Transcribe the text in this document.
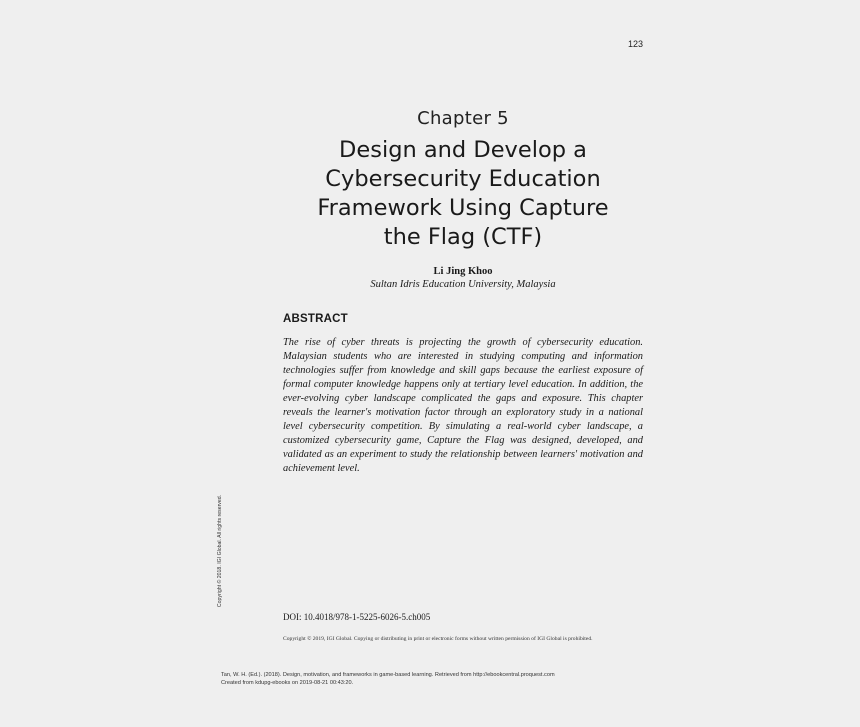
123
Chapter 5
Design and Develop a
Cybersecurity Education
Framework Using Capture
the Flag (CTF)
Li Jing Khoo
Sultan Idris Education University, Malaysia
ABSTRACT

The rise of cyber threats is projecting the growth of cybersecurity education. Malaysian students who are interested in studying computing and information technologies suffer from knowledge and skill gaps because the earliest exposure of formal computer knowledge happens only at tertiary level education. In addition, the ever-evolving cyber landscape complicated the gaps and exposure. This chapter reveals the learner's motivation factor through an exploratory study in a national level cybersecurity competition. By simulating a real-world cyber landscape, a customized cybersecurity game, Capture the Flag was designed, developed, and validated as an experiment to study the relationship between learners' motivation and achievement level.

Copyright © 2018. IGI Global. All rights reserved.
DOI: 10.4018/978-1-5225-6026-5.ch005
Copyright © 2019, IGI Global. Copying or distributing in print or electronic forms without written permission of IGI Global is prohibited.
Tan, W. H. (Ed.). (2018). Design, motivation, and frameworks in game-based learning. Retrieved from http://ebookcentral.proquest.com
Created from kdupg-ebooks on 2019-08-21 00:43:20.
